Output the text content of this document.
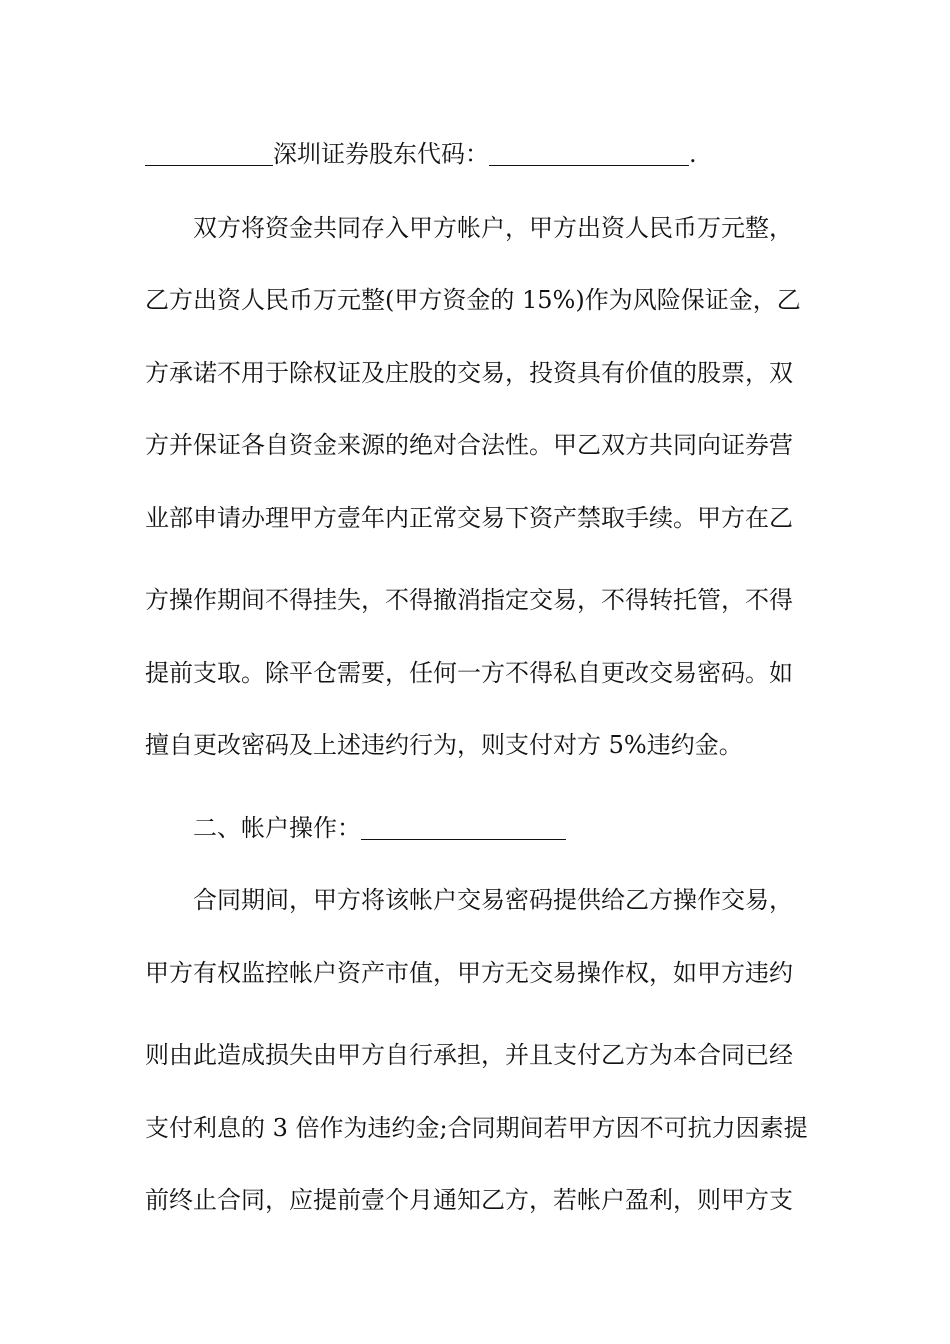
深圳证券股东代码：	.
双方将资金共同存入甲方帐户，甲方出资人民币万元整，
乙方出资人民币万元整(甲方资金的 15%)作为风险保证金，乙
方承诺不用于除权证及庄股的交易，投资具有价值的股票，双
方并保证各自资金来源的绝对合法性。甲乙双方共同向证券营
业部申请办理甲方壹年内正常交易下资产禁取手续。甲方在乙
方操作期间不得挂失，不得撤消指定交易，不得转托管，不得
提前支取。除平仓需要，任何一方不得私自更改交易密码。如
擅自更改密码及上述违约行为，则支付对方 5%违约金。
二、帐户操作：
合同期间，甲方将该帐户交易密码提供给乙方操作交易，
甲方有权监控帐户资产市值，甲方无交易操作权，如甲方违约
则由此造成损失由甲方自行承担，并且支付乙方为本合同已经
支付利息的 3 倍作为违约金;合同期间若甲方因不可抗力因素提
前终止合同，应提前壹个月通知乙方，若帐户盈利，则甲方支
